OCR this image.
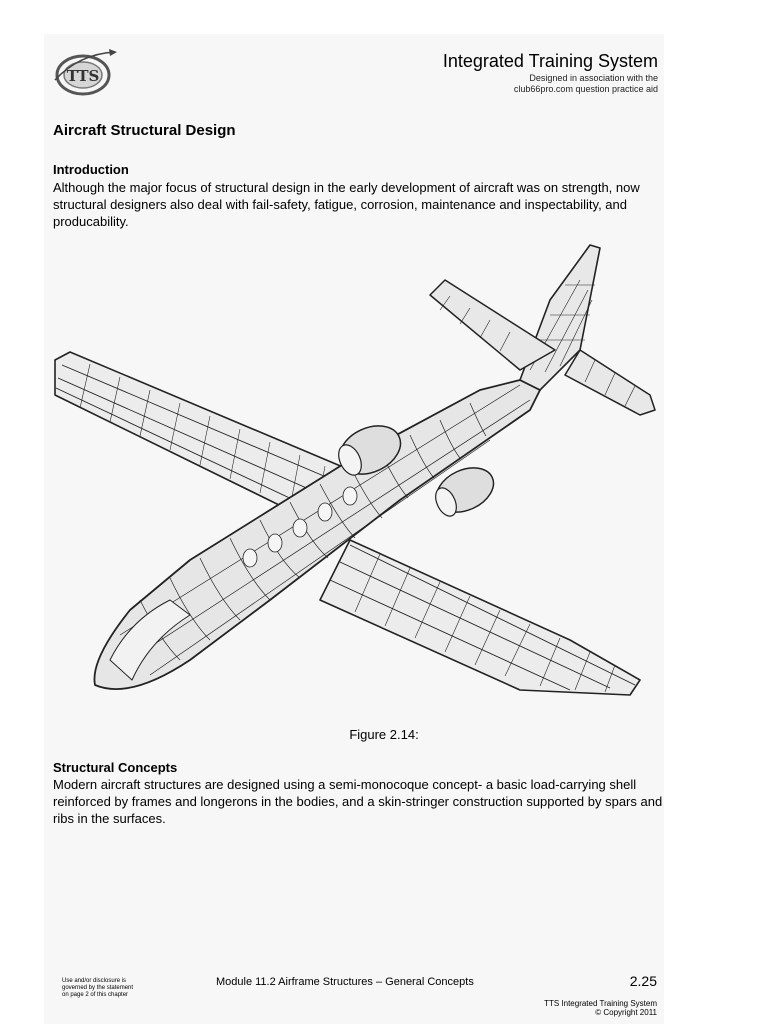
TTS
Integrated Training System
Designed in association with the
club66pro.com question practice aid
Aircraft Structural Design
Introduction
Although the major focus of structural design in the early development of aircraft was on strength, now structural designers also deal with fail-safety, fatigue, corrosion, maintenance and inspectability, and producability.
Figure 2.14:
Structural Concepts
Modern aircraft structures are designed using a semi-monocoque concept- a basic load-carrying shell reinforced by frames and longerons in the bodies, and a skin-stringer construction supported by spars and ribs in the surfaces.
Use and/or disclosure is
governed by the statement
on page 2 of this chapter
Module 11.2 Airframe Structures – General Concepts	2.25
TTS Integrated Training System
© Copyright 2011
